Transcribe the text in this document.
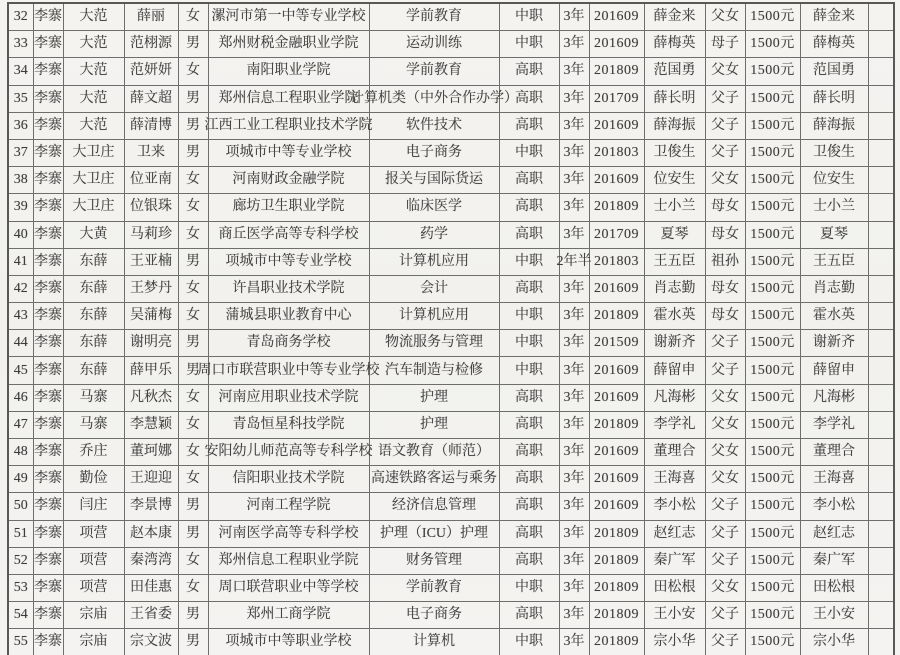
32	李寨	大范	薛丽	女	漯河市第一中等专业学校	学前教育	中职	3年	201609	薛金来	父女	1500元	薛金来	

33	李寨	大范	范栩源	男	郑州财税金融职业学院	运动训练	中职	3年	201609	薛梅英	母子	1500元	薛梅英	

34	李寨	大范	范妍妍	女	南阳职业学院	学前教育	高职	3年	201809	范国勇	父女	1500元	范国勇	

35	李寨	大范	薛文超	男	郑州信息工程职业学院	计算机类（中外合作办学）	高职	3年	201709	薛长明	父子	1500元	薛长明	

36	李寨	大范	薛清博	男	江西工业工程职业技术学院	软件技术	高职	3年	201609	薛海振	父子	1500元	薛海振	

37	李寨	大卫庄	卫来	男	项城市中等专业学校	电子商务	中职	3年	201803	卫俊生	父子	1500元	卫俊生	

38	李寨	大卫庄	位亚南	女	河南财政金融学院	报关与国际货运	高职	3年	201609	位安生	父女	1500元	位安生	

39	李寨	大卫庄	位银珠	女	廊坊卫生职业学院	临床医学	高职	3年	201809	士小兰	母女	1500元	士小兰	

40	李寨	大黄	马莉珍	女	商丘医学高等专科学校	药学	高职	3年	201709	夏琴	母女	1500元	夏琴	

41	李寨	东薛	王亚楠	男	项城市中等专业学校	计算机应用	中职	2年半	201803	王五臣	祖孙	1500元	王五臣	

42	李寨	东薛	王梦丹	女	许昌职业技术学院	会计	高职	3年	201609	肖志勤	母女	1500元	肖志勤	

43	李寨	东薛	吴蒲梅	女	蒲城县职业教育中心	计算机应用	中职	3年	201809	霍水英	母女	1500元	霍水英	

44	李寨	东薛	谢明亮	男	青岛商务学校	物流服务与管理	中职	3年	201509	谢新齐	父子	1500元	谢新齐	

45	李寨	东薛	薛甲乐	男	周口市联营职业中等专业学校	汽车制造与检修	中职	3年	201609	薛留申	父子	1500元	薛留申	

46	李寨	马寨	凡秋杰	女	河南应用职业技术学院	护理	高职	3年	201609	凡海彬	父女	1500元	凡海彬	

47	李寨	马寨	李慧颖	女	青岛恒星科技学院	护理	高职	3年	201809	李学礼	父女	1500元	李学礼	

48	李寨	乔庄	董珂娜	女	安阳幼儿师范高等专科学校	语文教育（师范）	高职	3年	201609	董理合	父女	1500元	董理合	

49	李寨	勤俭	王迎迎	女	信阳职业技术学院	高速铁路客运与乘务	高职	3年	201609	王海喜	父女	1500元	王海喜	

50	李寨	闫庄	李景博	男	河南工程学院	经济信息管理	高职	3年	201609	李小松	父子	1500元	李小松	

51	李寨	项营	赵本康	男	河南医学高等专科学校	护理（ICU）护理	高职	3年	201809	赵红志	父子	1500元	赵红志	

52	李寨	项营	秦湾湾	女	郑州信息工程职业学院	财务管理	高职	3年	201809	秦广军	父子	1500元	秦广军	

53	李寨	项营	田佳惠	女	周口联营职业中等学校	学前教育	中职	3年	201809	田松根	父女	1500元	田松根	

54	李寨	宗庙	王省委	男	郑州工商学院	电子商务	高职	3年	201809	王小安	父子	1500元	王小安	

55	李寨	宗庙	宗文波	男	项城市中等职业学校	计算机	中职	3年	201809	宗小华	父子	1500元	宗小华	
